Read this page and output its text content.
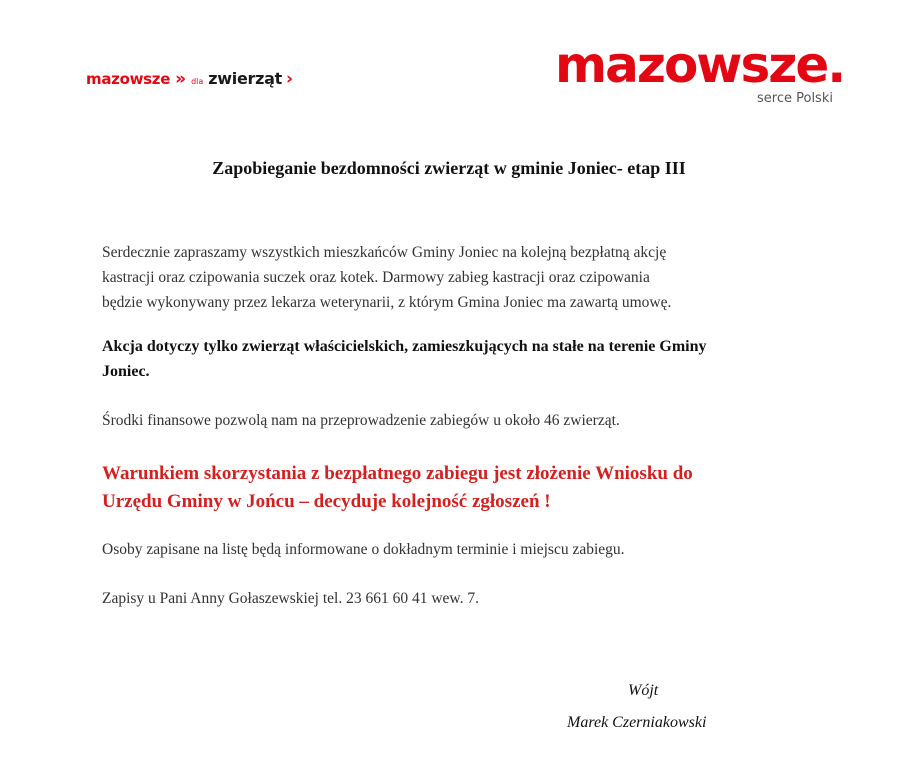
mazowsze » dla zwierząt ›	mazowsze.
serce Polski
Zapobieganie bezdomności zwierząt w gminie Joniec- etap III
Serdecznie zapraszamy wszystkich mieszkańców Gminy Joniec na kolejną bezpłatną akcję
kastracji oraz czipowania suczek oraz kotek. Darmowy zabieg kastracji oraz czipowania
będzie wykonywany przez lekarza weterynarii, z którym Gmina Joniec ma zawartą umowę.
Akcja dotyczy tylko zwierząt właścicielskich, zamieszkujących na stałe na terenie Gminy
Joniec.
Środki finansowe pozwolą nam na przeprowadzenie zabiegów u około 46 zwierząt.
Warunkiem skorzystania z bezpłatnego zabiegu jest złożenie Wniosku do
Urzędu Gminy w Jońcu – decyduje kolejność zgłoszeń !
Osoby zapisane na listę będą informowane o dokładnym terminie i miejscu zabiegu.
Zapisy u Pani Anny Gołaszewskiej tel. 23 661 60 41 wew. 7.
Wójt
Marek Czerniakowski
